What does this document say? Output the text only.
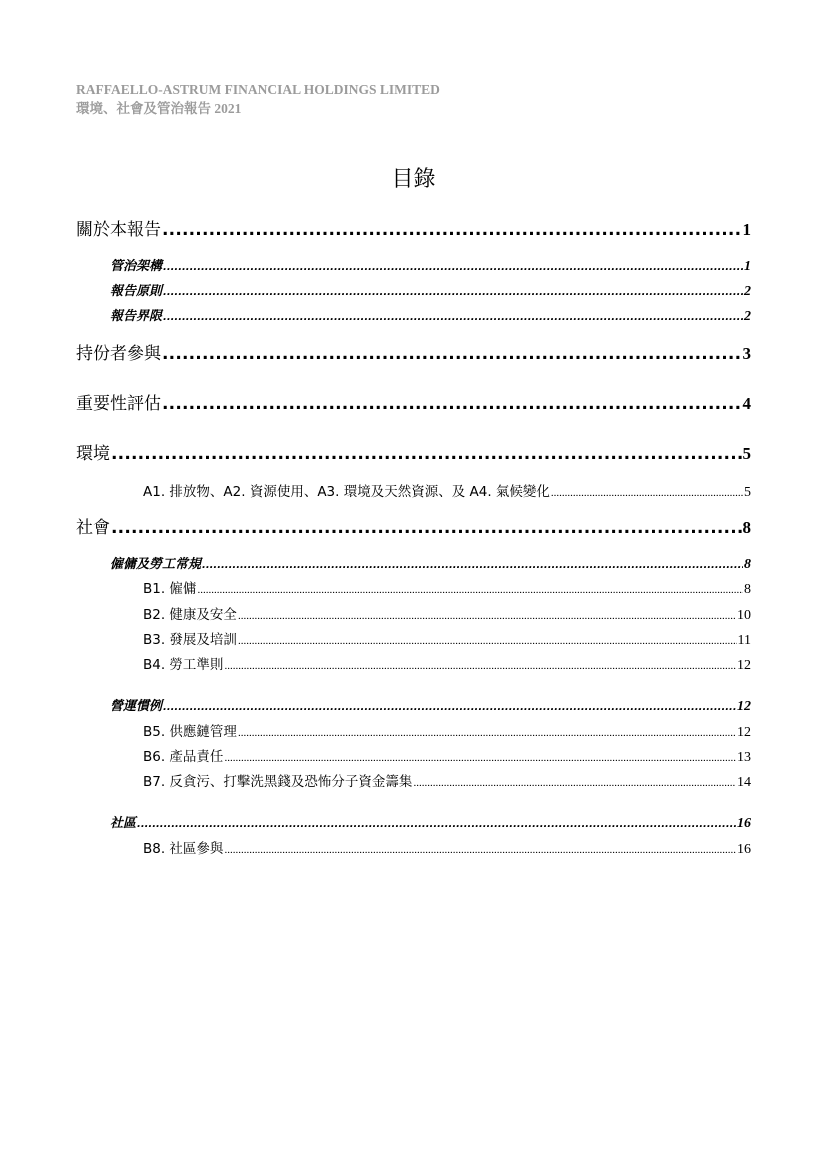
RAFFAELLO-ASTRUM FINANCIAL HOLDINGS LIMITED
環境、社會及管治報告 2021
目錄
關於本報告 .....	1
管治架構 .....	1
報告原則 .....	2
報告界限 .....	2
持份者參與 .....	3
重要性評估 .....	4
環境 .....	5
A1. 排放物、A2. 資源使用、A3. 環境及天然資源、及 A4. 氣候變化 .....	5
社會 .....	8
僱傭及勞工常規 .....	8
B1. 僱傭 .....	8
B2. 健康及安全 .....	10
B3. 發展及培訓 .....	11
B4. 勞工準則 .....	12
營運慣例 .....	12
B5. 供應鏈管理 .....	12
B6. 產品責任 .....	13
B7. 反貪污、打擊洗黑錢及恐怖分子資金籌集 .....	14
社區 .....	16
B8. 社區參與 .....	16
